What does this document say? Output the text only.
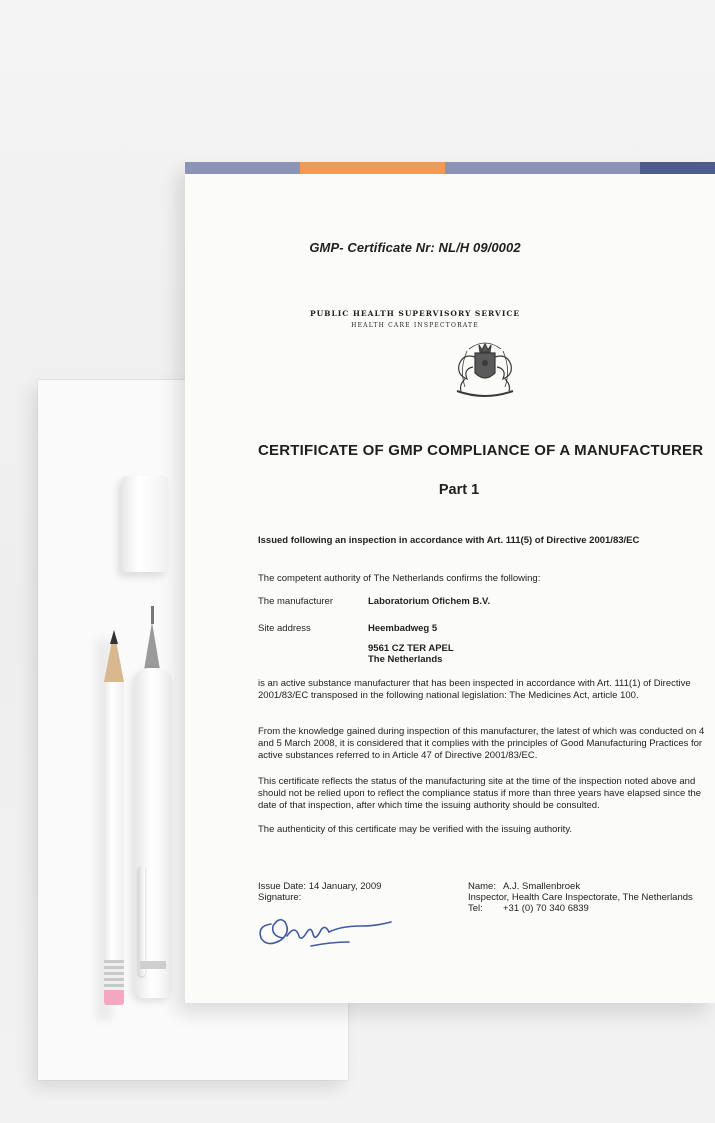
GMP- Certificate Nr: NL/H 09/0002
PUBLIC HEALTH SUPERVISORY SERVICE
HEALTH CARE INSPECTORATE
CERTIFICATE OF GMP COMPLIANCE OF A MANUFACTURER
Part 1
Issued following an inspection in accordance with Art. 111(5) of Directive 2001/83/EC
The competent authority of The Netherlands confirms the following:
The manufacturer	Laboratorium Ofichem B.V.
Site address	Heembadweg 5
9561 CZ TER APEL
The Netherlands
is an active substance manufacturer that has been inspected in accordance with Art. 111(1) of Directive 2001/83/EC transposed in the following national legislation: The Medicines Act, article 100.
From the knowledge gained during inspection of this manufacturer, the latest of which was conducted on 4 and 5 March 2008, it is considered that it complies with the principles of Good Manufacturing Practices for active substances referred to in Article 47 of Directive 2001/83/EC.
This certificate reflects the status of the manufacturing site at the time of the inspection noted above and should not be relied upon to reflect the compliance status if more than three years have elapsed since the date of that inspection, after which time the issuing authority should be consulted.
The authenticity of this certificate may be verified with the issuing authority.
Issue Date: 14 January, 2009
Signature:
Name: A.J. Smallenbroek
Inspector, Health Care Inspectorate, The Netherlands
Tel: +31 (0) 70 340 6839
